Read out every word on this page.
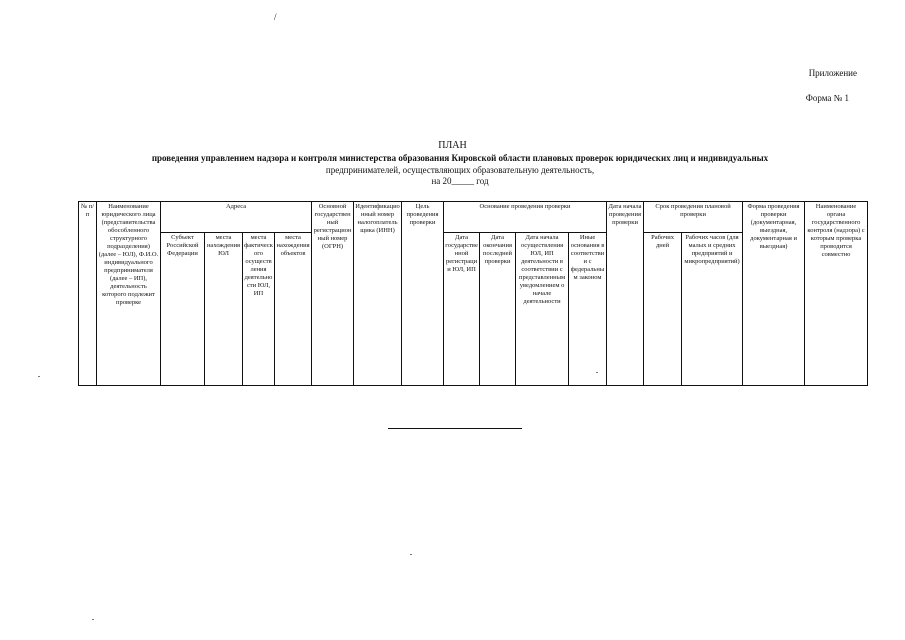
/
Приложение
Форма № 1
ПЛАН
проведения управлением надзора и контроля министерства образования Кировской области плановых проверок юридических лиц и индивидуальных
предпринимателей, осуществляющих образовательную деятельность,
на 20_____ год
№ п/п	Наименование юридического лица (представительства обособленного структурного подразделения) (далее – ЮЛ), Ф.И.О. индивидуального предпринимателя (далее – ИП), деятельность которого подлежит проверке	Адреса				Основной государственный регистрационный номер (ОГРН)	Идентификационный номер налогоплательщика (ИНН)	Цель проведения проверки	Основание проведения проверки				Дата начала проведения проверки	Срок проведения плановой проверки		Форма проведения проверки (документарная, выездная, документарная и выездная)	Наименование органа государственного контроля (надзора) с которым проверка проводится совместно
		Субъект Российской Федерации	места нахождения ЮЛ	места фактического осуществления деятельности ЮЛ, ИП	места нахождения объектов				Дата государственной регистрации ЮЛ, ИП	Дата окончания последней проверки	Дата начала осуществления ЮЛ, ИП деятельности в соответствии с представленным уведомлением о начале деятельности	Иные основания в соответствии с федеральным законом		Рабочих дней	Рабочих часов (для малых и средних предприятий и микропредприятий)		
